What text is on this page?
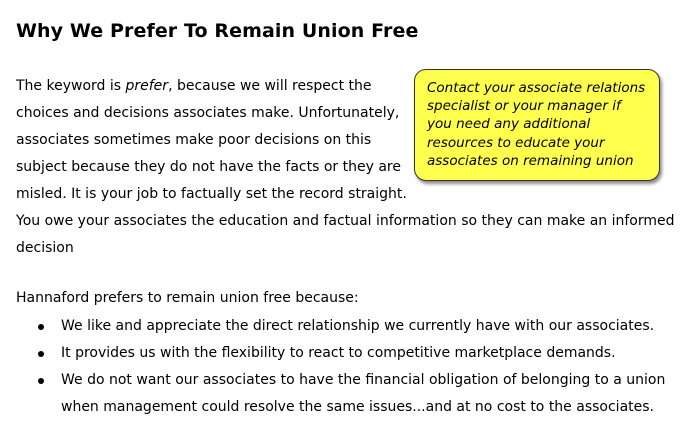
Why We Prefer To Remain Union Free

The keyword is prefer, because we will respect the

choices and decisions associates make. Unfortunately,

associates sometimes make poor decisions on this

subject because they do not have the facts or they are

misled. It is your job to factually set the record straight.

You owe your associates the education and factual information so they can make an informed

decision

Contact your associate relations

specialist or your manager if

you need any additional

resources to educate your

associates on remaining union

Hannaford prefers to remain union free because:
We like and appreciate the direct relationship we currently have with our associates.
It provides us with the flexibility to react to competitive marketplace demands.
We do not want our associates to have the financial obligation of belonging to a union
when management could resolve the same issues...and at no cost to the associates.
